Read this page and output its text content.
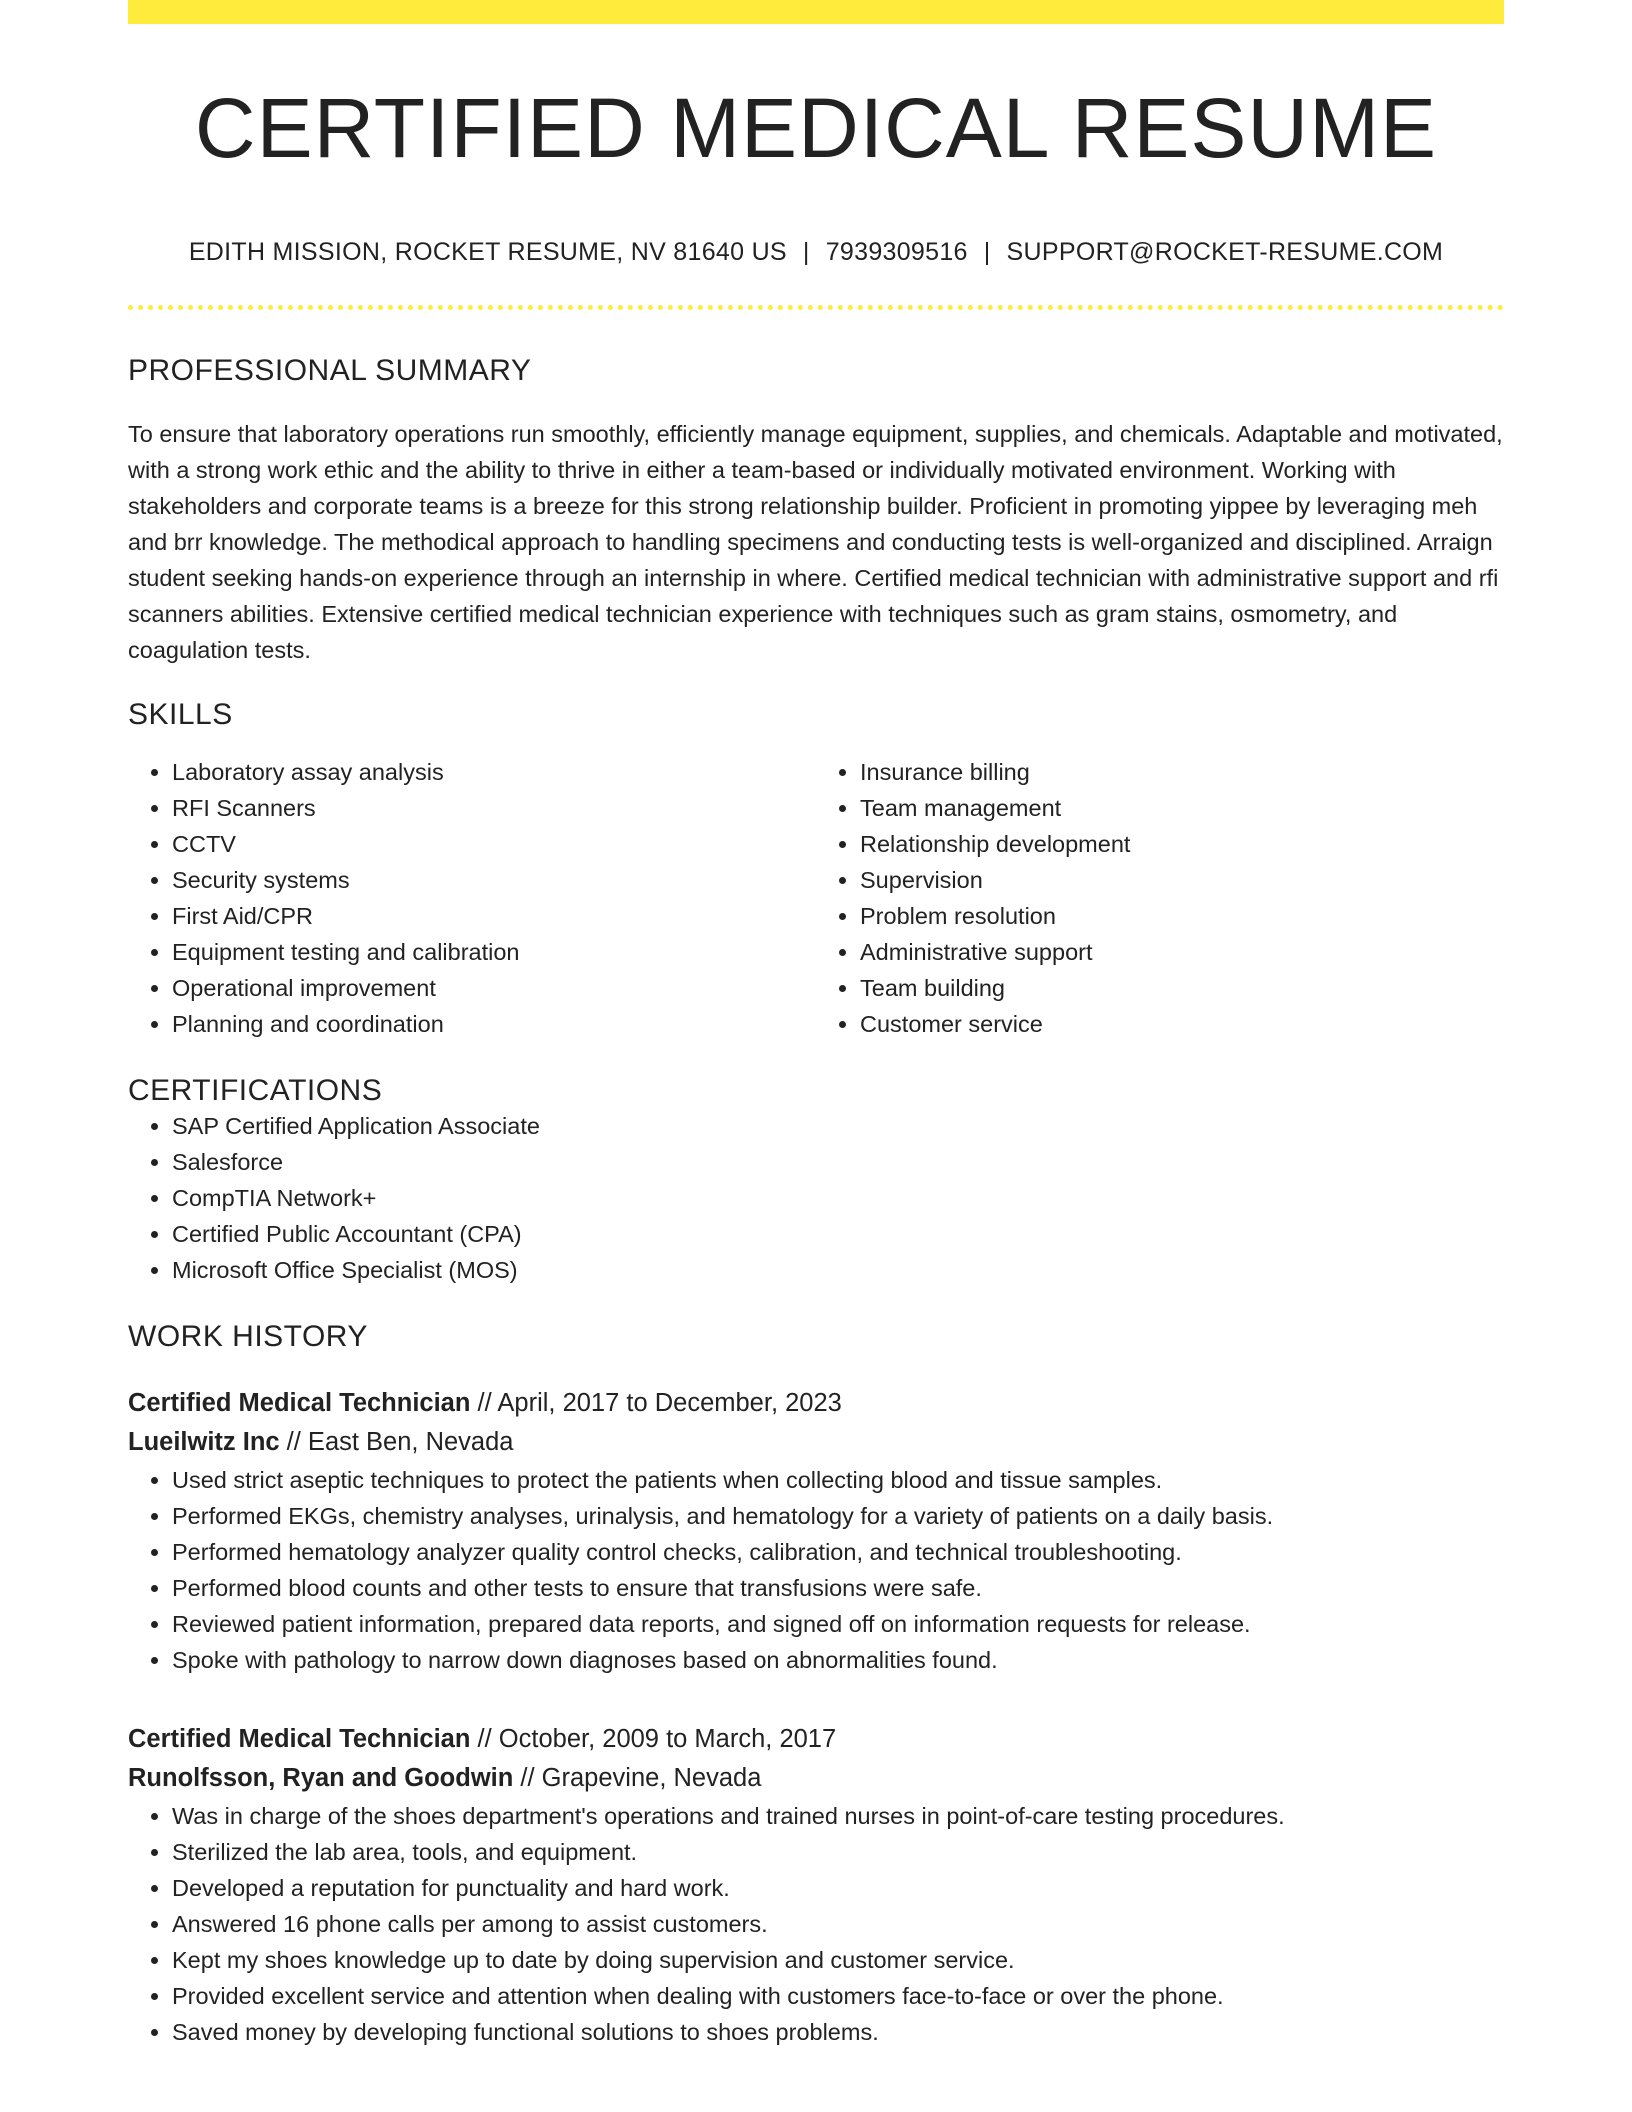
CERTIFIED MEDICAL RESUME
EDITH MISSION, ROCKET RESUME, NV 81640 US | 7939309516 | SUPPORT@ROCKET-RESUME.COM
PROFESSIONAL SUMMARY

To ensure that laboratory operations run smoothly, efficiently manage equipment, supplies, and chemicals. Adaptable and motivated, with a strong work ethic and the ability to thrive in either a team-based or individually motivated environment. Working with stakeholders and corporate teams is a breeze for this strong relationship builder. Proficient in promoting yippee by leveraging meh and brr knowledge. The methodical approach to handling specimens and conducting tests is well-organized and disciplined. Arraign student seeking hands-on experience through an internship in where. Certified medical technician with administrative support and rfi scanners abilities. Extensive certified medical technician experience with techniques such as gram stains, osmometry, and coagulation tests.

SKILLS
• Laboratory assay analysis
• RFI Scanners
• CCTV
• Security systems
• First Aid/CPR
• Equipment testing and calibration
• Operational improvement
• Planning and coordination
• Insurance billing
• Team management
• Relationship development
• Supervision
• Problem resolution
• Administrative support
• Team building
• Customer service
CERTIFICATIONS
• SAP Certified Application Associate
• Salesforce
• CompTIA Network+
• Certified Public Accountant (CPA)
• Microsoft Office Specialist (MOS)
WORK HISTORY
Certified Medical Technician // April, 2017 to December, 2023
Lueilwitz Inc // East Ben, Nevada
• Used strict aseptic techniques to protect the patients when collecting blood and tissue samples.
• Performed EKGs, chemistry analyses, urinalysis, and hematology for a variety of patients on a daily basis.
• Performed hematology analyzer quality control checks, calibration, and technical troubleshooting.
• Performed blood counts and other tests to ensure that transfusions were safe.
• Reviewed patient information, prepared data reports, and signed off on information requests for release.
• Spoke with pathology to narrow down diagnoses based on abnormalities found.
Certified Medical Technician // October, 2009 to March, 2017
Runolfsson, Ryan and Goodwin // Grapevine, Nevada
• Was in charge of the shoes department's operations and trained nurses in point-of-care testing procedures.
• Sterilized the lab area, tools, and equipment.
• Developed a reputation for punctuality and hard work.
• Answered 16 phone calls per among to assist customers.
• Kept my shoes knowledge up to date by doing supervision and customer service.
• Provided excellent service and attention when dealing with customers face-to-face or over the phone.
• Saved money by developing functional solutions to shoes problems.
